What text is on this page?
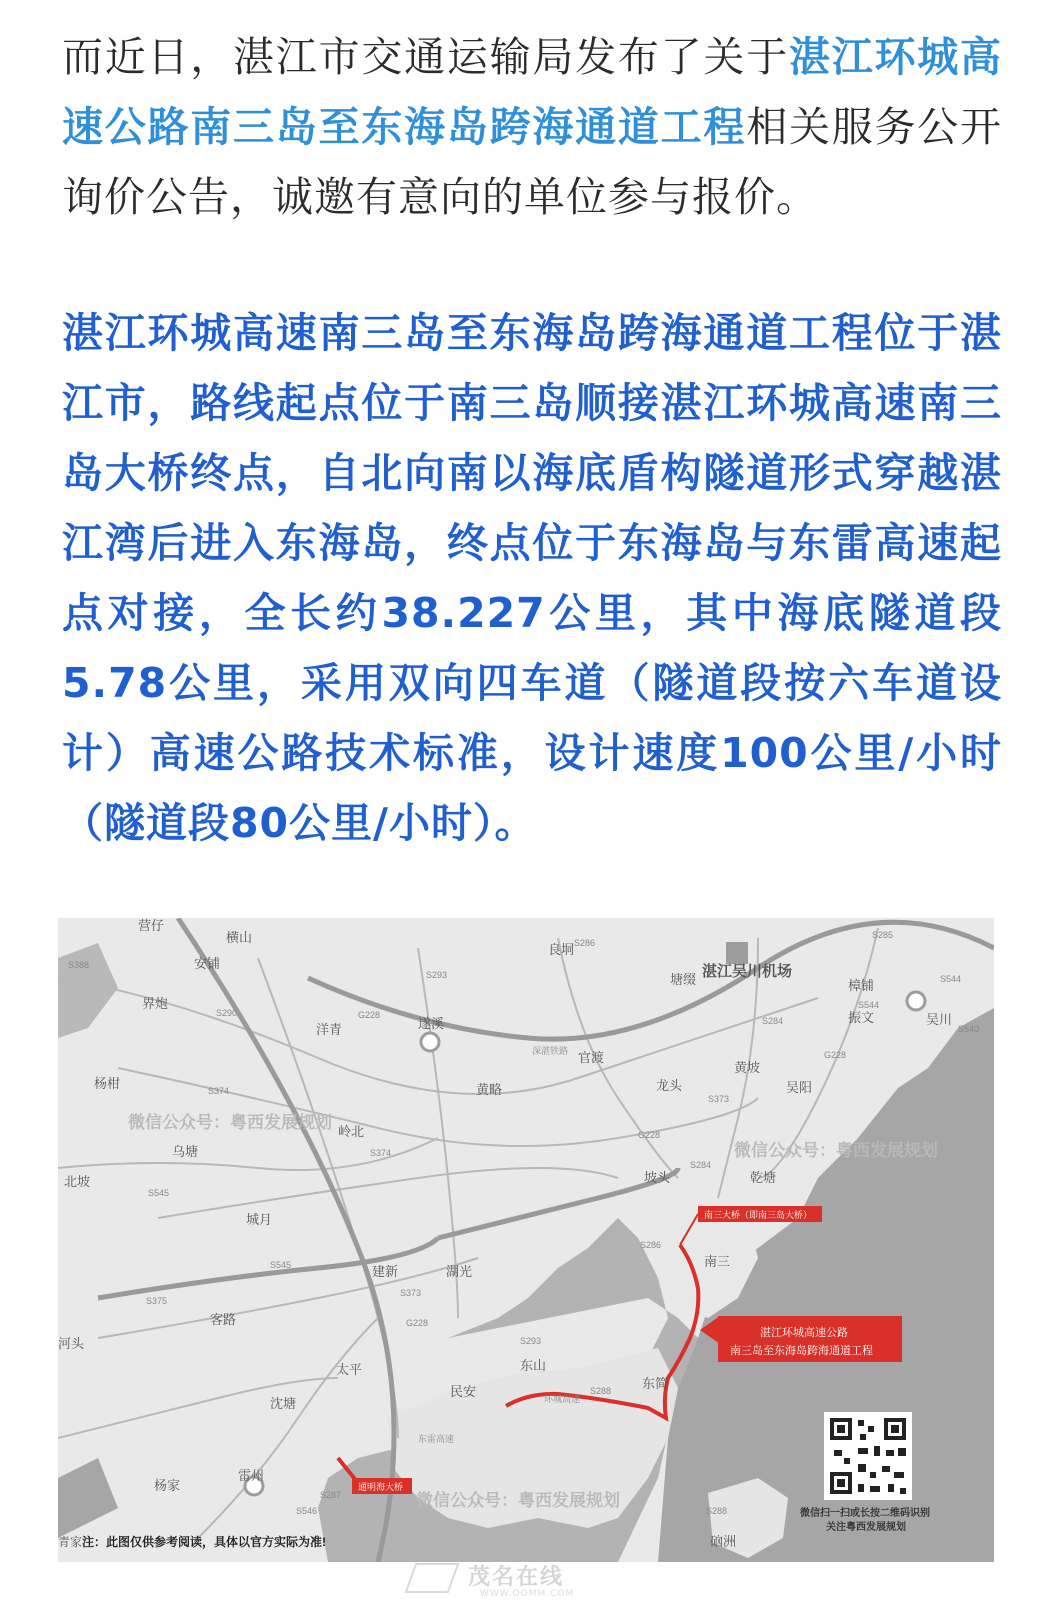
而近日，湛江市交通运输局发布了关于湛江环城高速公路南三岛至东海岛跨海通道工程相关服务公开询价公告，诚邀有意向的单位参与报价。

湛江环城高速南三岛至东海岛跨海通道工程位于湛江市，路线起点位于南三岛顺接湛江环城高速南三岛大桥终点，自北向南以海底盾构隧道形式穿越湛江湾后进入东海岛，终点位于东海岛与东雷高速起点对接，全长约38.227公里，其中海底隧道段5.78公里，采用双向四车道（隧道段按六车道设计）高速公路技术标准，设计速度100公里/小时（隧道段80公里/小时）。

营仔
横山
安铺
界炮
洋青	遂溪
黄略
官渡
龙头
黄坡
吴阳
樟铺
振文	吴川
杨柑
乌塘
岭北
北坡
城月
客路
建新	湖光
太平	东山
民安
东简
南三
坡头	乾塘
沈塘
雷州
杨家
硇洲
良垌
塘缀
河头
湛江吴川机场
S388
S290
S374
S374
S545
S545
S375
S373
S373
S293
S293
S286
S286
S284
S284
S288
S288
S285
S544
S544
S540
S287
S546
G228
G228
G228
G228
环城高速
深湛铁路
东雷高速
微信公众号：粤西发展规划
微信公众号：粤西发展规划
微信公众号：粤西发展规划
南三大桥（即南三岛大桥）
湛江环城高速公路
南三岛至东海岛跨海通道工程
通明海大桥
微信扫一扫或长按二维码识别
关注粤西发展规划
青家 注：此图仅供参考阅读，具体以官方实际为准!
茂名在线
WWW.OOMM.COM
